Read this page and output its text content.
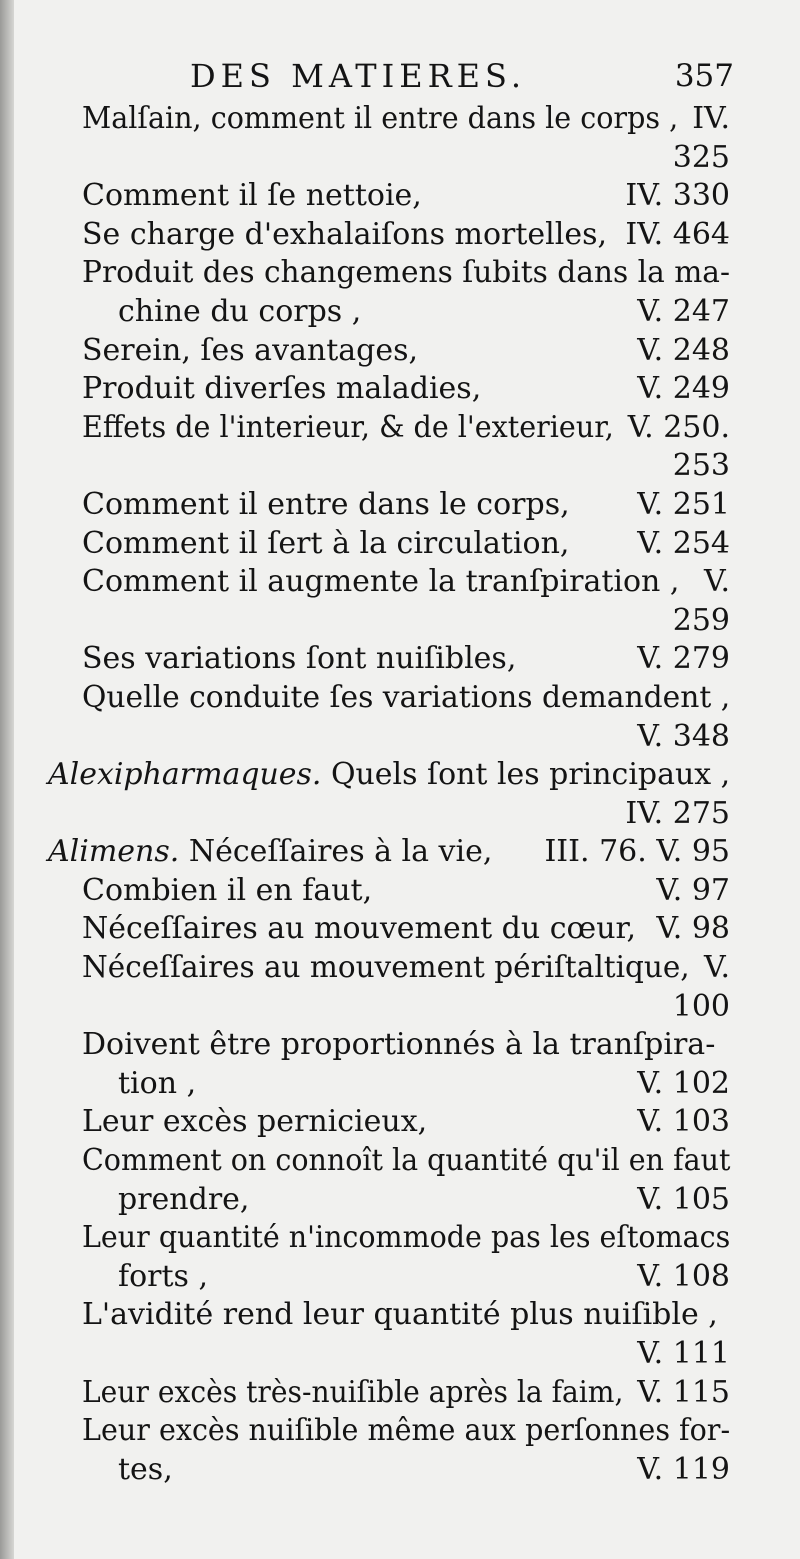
DES MATIERES.	357
Malſain, comment il entre dans le corps , IV.
325
Comment il ſe nettoie,	IV. 330
Se charge d'exhalaiſons mortelles, IV. 464
Produit des changemens ſubits dans la ma-
chine du corps ,	V. 247
Serein, ſes avantages,	V. 248
Produit diverſes maladies,	V. 249
Effets de l'interieur, & de l'exterieur, V. 250.
253
Comment il entre dans le corps, V. 251
Comment il ſert à la circulation, V. 254
Comment il augmente la tranſpiration , V.
259
Ses variations ſont nuiſibles,	V. 279
Quelle conduite ſes variations demandent ,
V. 348
Alexipharmaques. Quels ſont les principaux ,
IV. 275
Alimens. Néceſſaires à la vie, III. 76. V. 95
Combien il en faut,	V. 97
Néceſſaires au mouvement du cœur, V. 98
Néceſſaires au mouvement périſtaltique, V.
100
Doivent être proportionnés à la tranſpira-
tion ,	V. 102
Leur excès pernicieux,	V. 103
Comment on connoît la quantité qu'il en faut
prendre,	V. 105
Leur quantité n'incommode pas les eſtomacs
forts ,	V. 108
L'avidité rend leur quantité plus nuiſible ,
V. 111
Leur excès très-nuiſible après la faim, V. 115
Leur excès nuiſible même aux perſonnes for-
tes,	V. 119
